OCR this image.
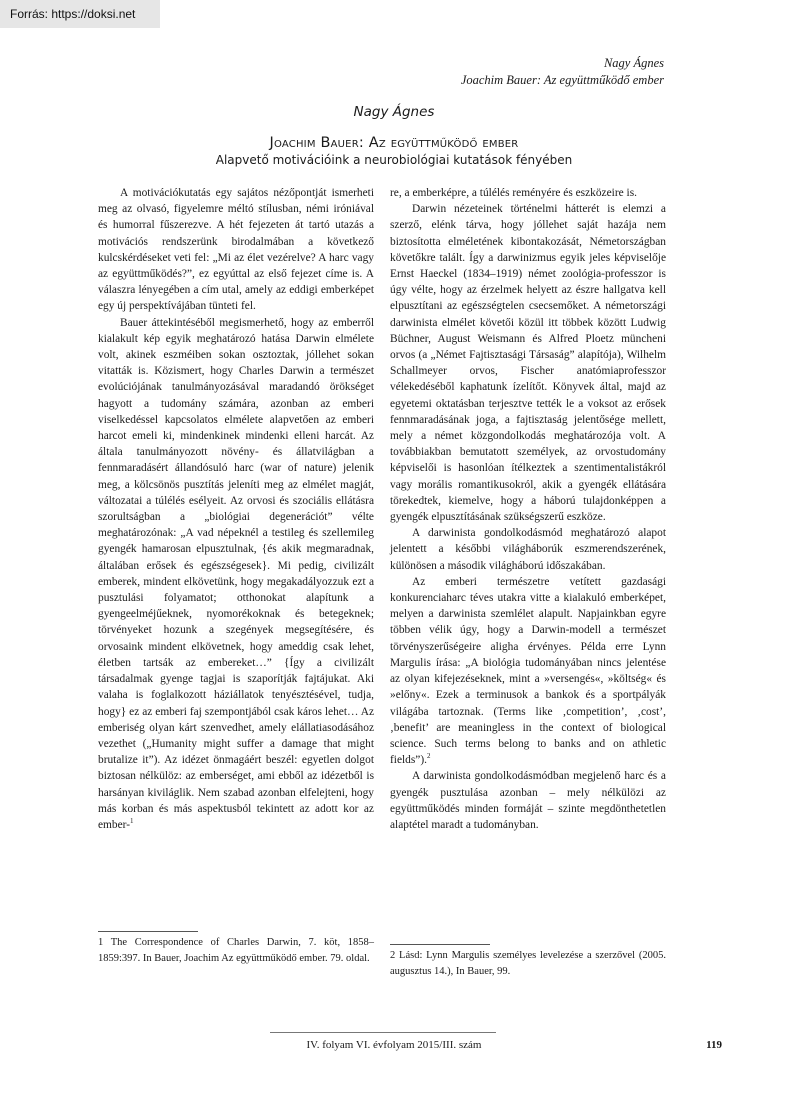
Forrás: https://doksi.net
Nagy Ágnes
Joachim Bauer: Az együttműködő ember
Nagy Ágnes
Joachim Bauer: Az együttműködő ember
Alapvető motivációink a neurobiológiai kutatások fényében

A motivációkutatás egy sajátos nézőpontját ismerheti meg az olvasó, figyelemre méltó stílusban, némi iróniával és humorral fűszerezve. A hét fejezeten át tartó utazás a motivációs rendszerünk birodalmában a következő kulcskérdéseket veti fel: „Mi az élet vezérelve? A harc vagy az együttműködés?”, ez egyúttal az első fejezet címe is. A válaszra lényegében a cím utal, amely az eddigi emberképet egy új perspektívájában tünteti fel.

Bauer áttekintéséből megismerhető, hogy az emberről kialakult kép egyik meghatározó hatása Darwin elmélete volt, akinek eszméiben sokan osztoztak, jóllehet sokan vitatták is. Közismert, hogy Charles Darwin a természet evolúciójának tanulmányozásával maradandó örökséget hagyott a tudomány számára, azonban az emberi viselkedéssel kapcsolatos elmélete alapvetően az emberi harcot emeli ki, mindenkinek mindenki elleni harcát. Az általa tanulmányozott növény- és állatvilágban a fennmaradásért állandósuló harc (war of nature) jelenik meg, a kölcsönös pusztítás jeleníti meg az elmélet magját, változatai a túlélés esélyeit. Az orvosi és szociális ellátásra szorultságban a „biológiai degenerációt” vélte meghatározónak: „A vad népeknél a testileg és szellemileg gyengék hamarosan elpusztulnak, {és akik megmaradnak, általában erősek és egészségesek}. Mi pedig, civilizált emberek, mindent elkövetünk, hogy megakadályozzuk ezt a pusztulási folyamatot; otthonokat alapítunk a gyengeelméjűeknek, nyomorékoknak és betegeknek; törvényeket hozunk a szegények megsegítésére, és orvosaink mindent elkövetnek, hogy ameddig csak lehet, életben tartsák az embereket…” {Így a civilizált társadalmak gyenge tagjai is szaporítják fajtájukat. Aki valaha is foglalkozott háziállatok tenyésztésével, tudja, hogy} ez az emberi faj szempontjából csak káros lehet… Az emberiség olyan kárt szenvedhet, amely elállatiasodásához vezethet („Humanity might suffer a damage that might brutalize it”). Az idézet önmagáért beszél: egyetlen dolgot biztosan nélkülöz: az emberséget, ami ebből az idézetből is harsányan kiviláglik. Nem szabad azonban elfelejteni, hogy más korban és más aspektusból tekintett az adott kor az ember-$^1$

re, a emberképre, a túlélés reményére és eszközeire is.

Darwin nézeteinek történelmi hátterét is elemzi a szerző, elénk tárva, hogy jóllehet saját hazája nem biztosította elméletének kibontakozását, Németországban követőkre talált. Így a darwinizmus egyik jeles képviselője Ernst Haeckel (1834–1919) német zoológia-professzor is úgy vélte, hogy az érzelmek helyett az észre hallgatva kell elpusztítani az egészségtelen csecsemőket. A németországi darwinista elmélet követői közül itt többek között Ludwig Büchner, August Weismann és Alfred Ploetz müncheni orvos (a „Német Fajtisztasági Társaság” alapítója), Wilhelm Schallmeyer orvos, Fischer anatómiaprofesszor vélekedéséből kaphatunk ízelítőt. Könyvek által, majd az egyetemi oktatásban terjesztve tették le a voksot az erősek fennmaradásának joga, a fajtisztaság jelentősége mellett, mely a német közgondolkodás meghatározója volt. A továbbiakban bemutatott személyek, az orvostudomány képviselői is hasonlóan ítélkeztek a szentimentalistákról vagy morális romantikusokról, akik a gyengék ellátására törekedtek, kiemelve, hogy a háború tulajdonképpen a gyengék elpusztításának szükségszerű eszköze.

A darwinista gondolkodásmód meghatározó alapot jelentett a későbbi világháborúk eszmerendszerének, különösen a második világháború időszakában.

Az emberi természetre vetített gazdasági konkurenciaharc téves utakra vitte a kialakuló emberképet, melyen a darwinista szemlélet alapult. Napjainkban egyre többen vélik úgy, hogy a Darwin-modell a természet törvényszerűségeire aligha érvényes. Példa erre Lynn Margulis írása: „A biológia tudományában nincs jelentése az olyan kifejezéseknek, mint a »versengés«, »költség« és »előny«. Ezek a terminusok a bankok és a sportpályák világába tartoznak. (Terms like ‚competition’, ‚cost’, ‚benefit’ are meaningless in the context of biological science. Such terms belong to banks and on athletic fields”).$^2$

A darwinista gondolkodásmódban megjelenő harc és a gyengék pusztulása azonban – mely nélkülözi az együttműködés minden formáját – szinte megdönthetetlen alaptétel maradt a tudományban.

1 The Correspondence of Charles Darwin, 7. köt, 1858–1859:397. In Bauer, Joachim Az együttműködő ember. 79. oldal.	2 Lásd: Lynn Margulis személyes levelezése a szerzővel (2005. augusztus 14.), In Bauer, 99.
IV. folyam VI. évfolyam 2015/III. szám	119
